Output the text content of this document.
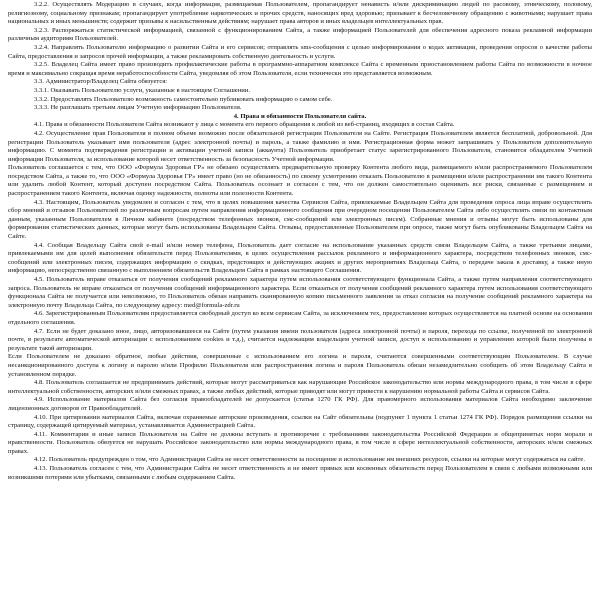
3.2.2. Осуществлять Модерацию в случаях, когда информация, размещаемая Пользователем, пропагандирует ненависть и/или дискриминацию людей по расовому, этническому, половому, религиозному, социальному признакам; пропагандирует употребление наркотических и прочих средств, наносящих вред здоровью; призывает к бесчеловечному обращению с животными; нарушает права национальных и иных меньшинств; содержит призывы к насильственным действиям; нарушает права авторов и иных владельцев интеллектуальных прав.

3.2.3. Распоряжаться статистической информацией, связанной с функционированием Сайта, а также информацией Пользователей для обеспечения адресного показа рекламной информации различным аудиториям Пользователей.

3.2.4. Направлять Пользователю информацию о развитии Сайта и его сервисов; отправлять sms-сообщения с целью информирования о кодах активации, проведения опросов о качестве работы Сайта, предоставления и запросов прочей информации, а также рекламировать собственную деятельность и услуги.

3.2.5. Владелец Сайта имеет право производить профилактические работы в программно-аппаратном комплексе Сайта с временным приостановлением работы Сайта по возможности в ночное время и максимально сокращая время неработоспособности Сайта, уведомляя об этом Пользователя, если технически это представляется возможным.

3.3. Администратор/Владелец Сайта обязуется:

3.3.1. Оказывать Пользователю услуги, указанные в настоящем Соглашении.

3.3.2. Предоставлять Пользователю возможность самостоятельно публиковать информацию о самом себе.

3.3.3. Не разглашать третьим лицам Учетную информацию Пользователя.

4. Права и обязанности Пользователя сайта.

4.1. Права и обязанности Пользователя Сайта возникают у лица с момента его первого обращения к любой из веб-страниц, входящих в состав Сайта.

4.2. Осуществление прав Пользователя в полном объеме возможно после обязательной регистрации Пользователя на Сайте. Регистрация Пользователем является бесплатной, добровольной. Для регистрации Пользователь указывает имя пользователя (адрес электронной почты) и пароль, а также фамилию и имя. Регистрационная форма может запрашивать у Пользователя дополнительную информацию. С момента подтверждения регистрации и активации учетной записи (аккаунта) Пользователь приобретает статус зарегистрированного Пользователя, становится обладателем Учетной информации Пользователя, за использование которой несет ответственность за безопасность Учетной информации.

Пользователь соглашается с тем, что ООО «Формула Здоровья ГР» не обязано осуществлять предварительную проверку Контента любого вида, размещаемого и/или распространяемого Пользователем посредством Сайта, а также то, что ООО «Формула Здоровья ГР» имеет право (но не обязанность) по своему усмотрению отказать Пользователю в размещении и/или распространении им такого Контента или удалить любой Контент, который доступен посредством Сайта. Пользователь осознает и согласен с тем, что он должен самостоятельно оценивать все риски, связанные с размещением и распространением такого Контента, включая оценку надежности, полноты или полезности Контента.

4.3. Настоящим, Пользователь уведомлен и согласен с тем, что в целях повышения качества Сервисов Сайта, привлекаемые Владельцем Сайта для проведения опроса лица вправе осуществлять сбор мнений и отзывов Пользователей по различным вопросам путем направления информационного сообщения при очередном посещении Пользователем Сайта либо осуществлять связи по контактным данным, указанным Пользователем в Личном кабинете (посредством телефонных звонков, смс-сообщений или электронных писем). Собранные мнения и отзывы могут быть использованы для формирования статистических данных, которые могут быть использованы Владельцем Сайта. Отзывы, предоставленные Пользователем при опросе, также могут быть опубликованы Владельцем Сайта на Сайте.

4.4. Сообщая Владельцу Сайта свой e-mail и/или номер телефона, Пользователь дает согласие на использование указанных средств связи Владельцем Сайта, а также третьими лицами, привлекаемыми им для целей выполнения обязательств перед Пользователями, в целях осуществления рассылок рекламного и информационного характера, посредством телефонных звонков, смс-сообщений или электронных писем, содержащих информацию о скидках, предстоящих и действующих акциях и других мероприятиях Владельца Сайта, о передаче заказа в доставку, а также иную информацию, непосредственно связанную с выполнением обязательств Владельцем Сайта в рамках настоящего Соглашения.

4.5. Пользователь вправе отказаться от получения сообщений рекламного характера путем использования соответствующего функционала Сайта, а также путем направления соответствующего запроса. Пользователь не вправе отказаться от получения сообщений информационного характера. Если отказаться от получения сообщений рекламного характера путем использования соответствующего функционала Сайта не получается или невозможно, то Пользователь обязан направить сканированную копию письменного заявления за отказ согласия на получение сообщений рекламного характера на электронную почту Владельца Сайта, по следующему адресу: med@formula-zdr.ru

4.6. Зарегистрированным Пользователям предоставляется свободный доступ ко всем сервисам Сайта, за исключением тех, предоставление которых осуществляется на платной основе на основании отдельного соглашения.

4.7. Если не будет доказано иное, лицо, авторизовавшееся на Сайте (путем указания имени пользователя (адреса электронной почты) и пароля, перехода по ссылке, полученной по электронной почте, в результате автоматической авторизации с использованием cookies и т.д.), считается надлежащим владельцем учетной записи, доступ к использованию и управлению которой были получены в результате такой авторизации.

Если Пользователем не доказано обратное, любые действия, совершенные с использованием его логина и пароля, считаются совершенными соответствующим Пользователем. В случае несанкционированного доступа к логину и паролю и/или Профилю Пользователя или распространения логина и пароля Пользователь обязан незамедлительно сообщить об этом Владельцу Сайта в установленном порядке.

4.8. Пользователь соглашается не предпринимать действий, которые могут рассматриваться как нарушающие Российское законодательство или нормы международного права, в том числе в сфере интеллектуальной собственности, авторских и/или смежных правах, а также любых действий, которые приводят или могут привести к нарушению нормальной работы Сайта и сервисов Сайта.

4.9. Использование материалов Сайта без согласия правообладателей не допускается (статья 1270 ГК РФ). Для правомерного использования материалов Сайта необходимо заключение лицензионных договоров от Правообладателей.

4.10. При цитировании материалов Сайта, включая охраняемые авторские произведения, ссылки на Сайт обязательны (подпункт 1 пункта 1 статьи 1274 ГК РФ). Порядок размещения ссылки на страницу, содержащей цитируемый материал, устанавливается Администрацией Сайта.

4.11. Комментарии и иные записи Пользователя на Сайте не должны вступать в противоречие с требованиями законодательства Российской Федерации и общепринятых норм морали и нравственности. Пользователь обязуется не нарушать Российское законодательство или нормы международного права, в том числе в сфере интеллектуальной собственности, авторских и/или смежных правах.

4.12. Пользователь предупрежден о том, что Администрация Сайта не несет ответственности за посещение и использование им внешних ресурсов, ссылки на которые могут содержаться на сайте.

4.13. Пользователь согласен с тем, что Администрация Сайта не несет ответственность и не имеет прямых или косвенных обязательств перед Пользователем в связи с любыми возможными или возникшими потерями или убытками, связанными с любым содержанием Сайта.
